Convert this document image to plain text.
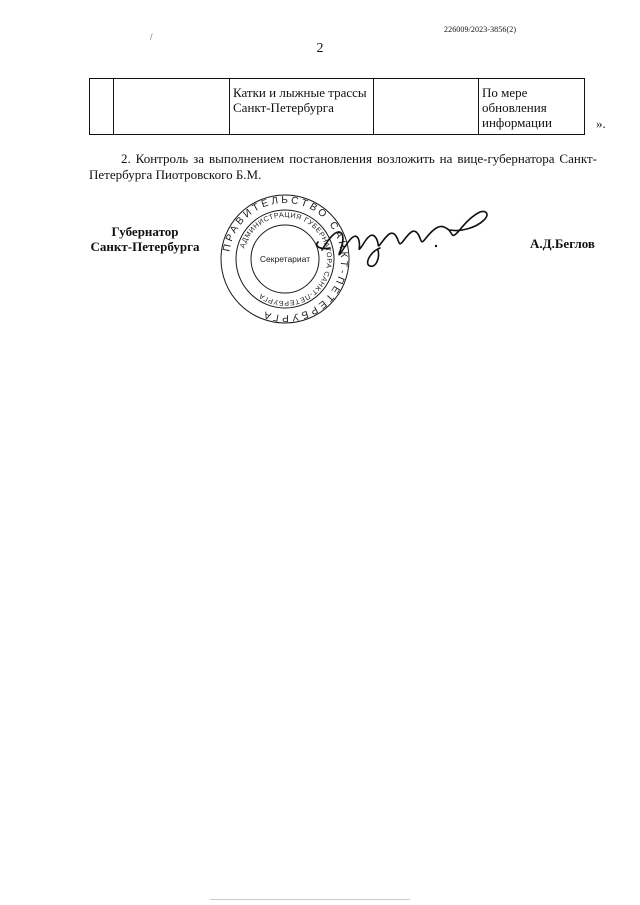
226009/2023-3856(2)
/
2
		Катки и лыжные трассы Санкт-Петербурга		По мере обновления информации	».
2. Контроль за выполнением постановления возложить на вице-губернатора Санкт-Петербурга Пиотровского Б.М.
Губернатор
Санкт-Петербурга ПРАВИТЕЛЬСТВО САНКТ-ПЕТЕРБУРГА
АДМИНИСТРАЦИЯ ГУБЕРНАТОРА САНКТ-ПЕТЕРБУРГА
Секретариат
А.Д.Беглов
